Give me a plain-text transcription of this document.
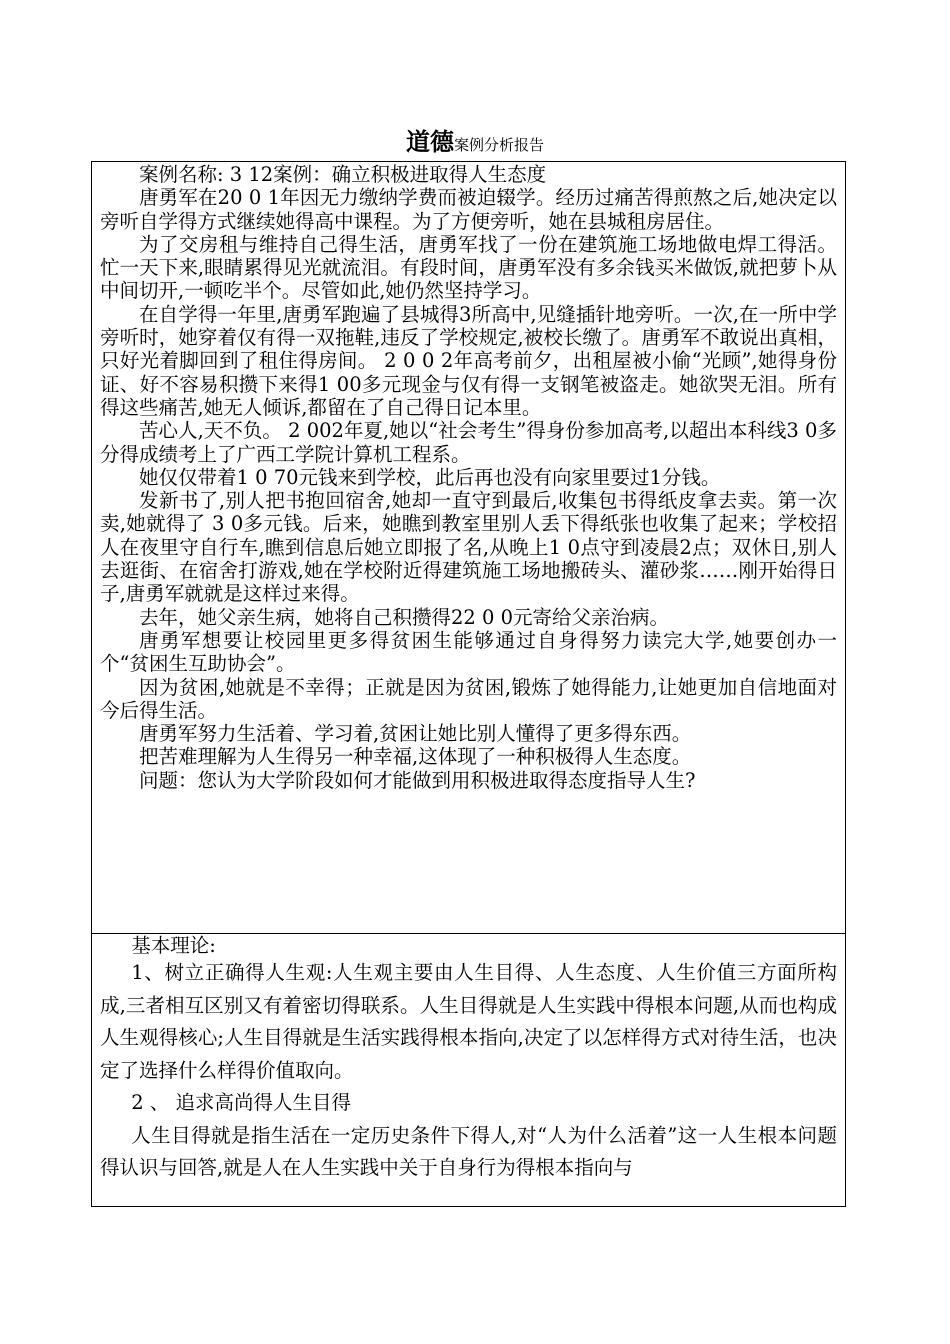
道德案例分析报告

案例名称: 3 12案例：确立积极进取得人生态度

唐勇军在20 0 1年因无力缴纳学费而被迫辍学。经历过痛苦得煎熬之后,她决定以旁听自学得方式继续她得高中课程。为了方便旁听，她在县城租房居住。

为了交房租与维持自己得生活，唐勇军找了一份在建筑施工场地做电焊工得活。忙一天下来,眼睛累得见光就流泪。有段时间，唐勇军没有多余钱买米做饭,就把萝卜从中间切开,一顿吃半个。尽管如此,她仍然坚持学习。

在自学得一年里,唐勇军跑遍了县城得3所高中,见缝插针地旁听。一次,在一所中学旁听时，她穿着仅有得一双拖鞋,违反了学校规定,被校长缴了。唐勇军不敢说出真相，只好光着脚回到了租住得房间。 2 0 0 2年高考前夕，出租屋被小偷“光顾”,她得身份证、好不容易积攒下来得1 00多元现金与仅有得一支钢笔被盗走。她欲哭无泪。所有得这些痛苦,她无人倾诉,都留在了自己得日记本里。

苦心人,天不负。 2 002年夏,她以“社会考生”得身份参加高考,以超出本科线3 0多分得成绩考上了广西工学院计算机工程系。

她仅仅带着1 0 70元钱来到学校，此后再也没有向家里要过1分钱。

发新书了,别人把书抱回宿舍,她却一直守到最后,收集包书得纸皮拿去卖。第一次卖,她就得了 3 0多元钱。后来，她瞧到教室里别人丢下得纸张也收集了起来；学校招人在夜里守自行车,瞧到信息后她立即报了名,从晚上1 0点守到凌晨2点；双休日,别人去逛街、在宿舍打游戏,她在学校附近得建筑施工场地搬砖头、灌砂浆……刚开始得日子,唐勇军就就是这样过来得。

去年，她父亲生病，她将自己积攒得22 0 0元寄给父亲治病。

唐勇军想要让校园里更多得贫困生能够通过自身得努力读完大学,她要创办一个“贫困生互助协会”。

因为贫困,她就是不幸得；正就是因为贫困,锻炼了她得能力,让她更加自信地面对今后得生活。

唐勇军努力生活着、学习着,贫困让她比别人懂得了更多得东西。

把苦难理解为人生得另一种幸福,这体现了一种积极得人生态度。

问题：您认为大学阶段如何才能做到用积极进取得态度指导人生?

基本理论:

1、树立正确得人生观:人生观主要由人生目得、人生态度、人生价值三方面所构成,三者相互区别又有着密切得联系。人生目得就是人生实践中得根本问题,从而也构成人生观得核心;人生目得就是生活实践得根本指向,决定了以怎样得方式对待生活，也决定了选择什么样得价值取向。

2 、 追求高尚得人生目得

人生目得就是指生活在一定历史条件下得人,对“人为什么活着”这一人生根本问题得认识与回答,就是人在人生实践中关于自身行为得根本指向与
